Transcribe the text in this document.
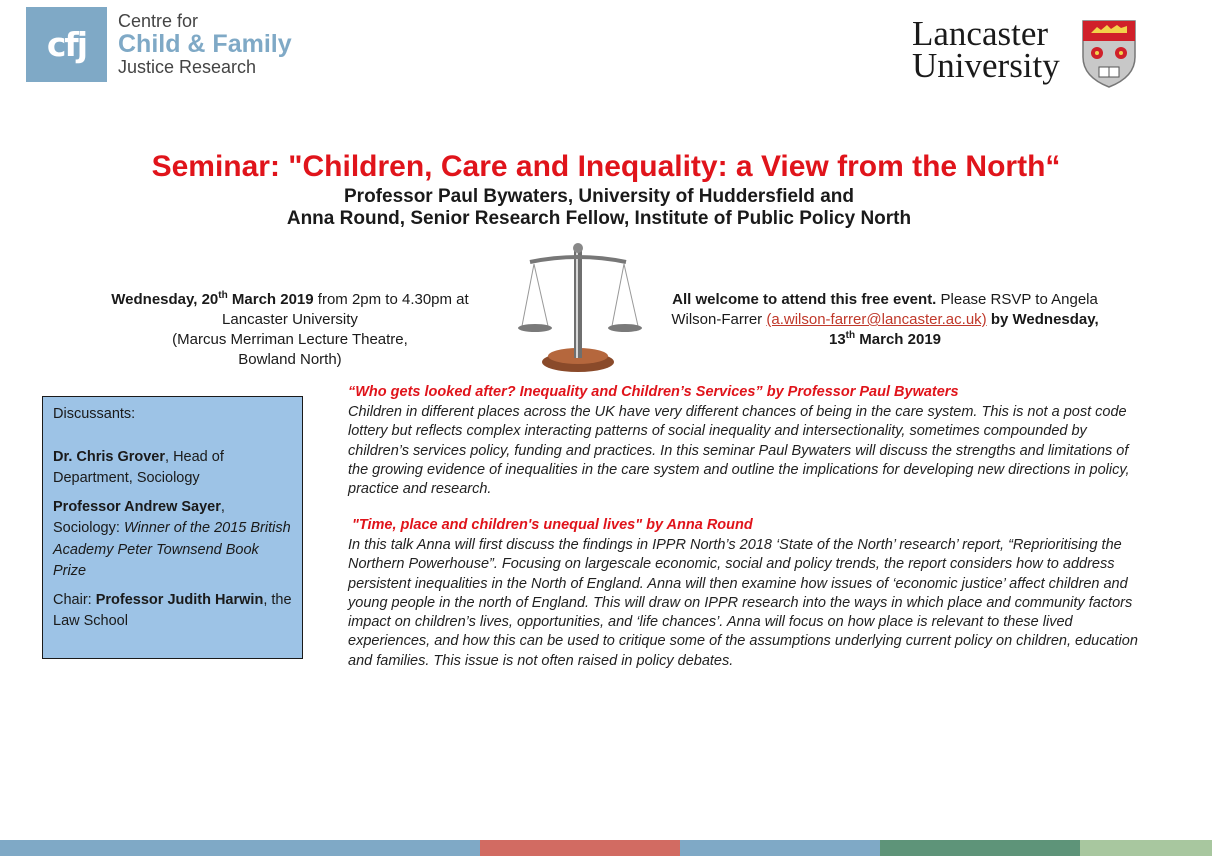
cfj
Centre for
Child & Family
Justice Research
Lancaster
University
Seminar: "Children, Care and Inequality: a View from the North“
Professor Paul Bywaters, University of Huddersfield and
Anna Round, Senior Research Fellow, Institute of Public Policy North
Wednesday, 20th March 2019 from 2pm to 4.30pm at
Lancaster University
(Marcus Merriman Lecture Theatre,
Bowland North)
All welcome to attend this free event. Please RSVP to Angela
Wilson-Farrer (a.wilson-farrer@lancaster.ac.uk) by Wednesday,
13th March 2019

Discussants:

Dr. Chris Grover, Head of Department, Sociology

Professor Andrew Sayer, Sociology: Winner of the 2015 British Academy Peter Townsend Book Prize

Chair: Professor Judith Harwin, the Law School

“Who gets looked after? Inequality and Children’s Services” by Professor Paul Bywaters
Children in different places across the UK have very different chances of being in the care system. This is not a post code lottery but reflects complex interacting patterns of social inequality and intersectionality, sometimes compounded by children’s services policy, funding and practices. In this seminar Paul Bywaters will discuss the strengths and limitations of the growing evidence of inequalities in the care system and outline the implications for developing new directions in policy, practice and research.
"Time, place and children's unequal lives" by Anna Round
In this talk Anna will first discuss the findings in IPPR North’s 2018 ‘State of the North’ research’ report, “Reprioritising the Northern Powerhouse”. Focusing on largescale economic, social and policy trends, the report considers how to address persistent inequalities in the North of England. Anna will then examine how issues of ‘economic justice’ affect children and young people in the north of England. This will draw on IPPR research into the ways in which place and community factors impact on children’s lives, opportunities, and ‘life chances’. Anna will focus on how place is relevant to these lived experiences, and how this can be used to critique some of the assumptions underlying current policy on children, education and families. This issue is not often raised in policy debates.
